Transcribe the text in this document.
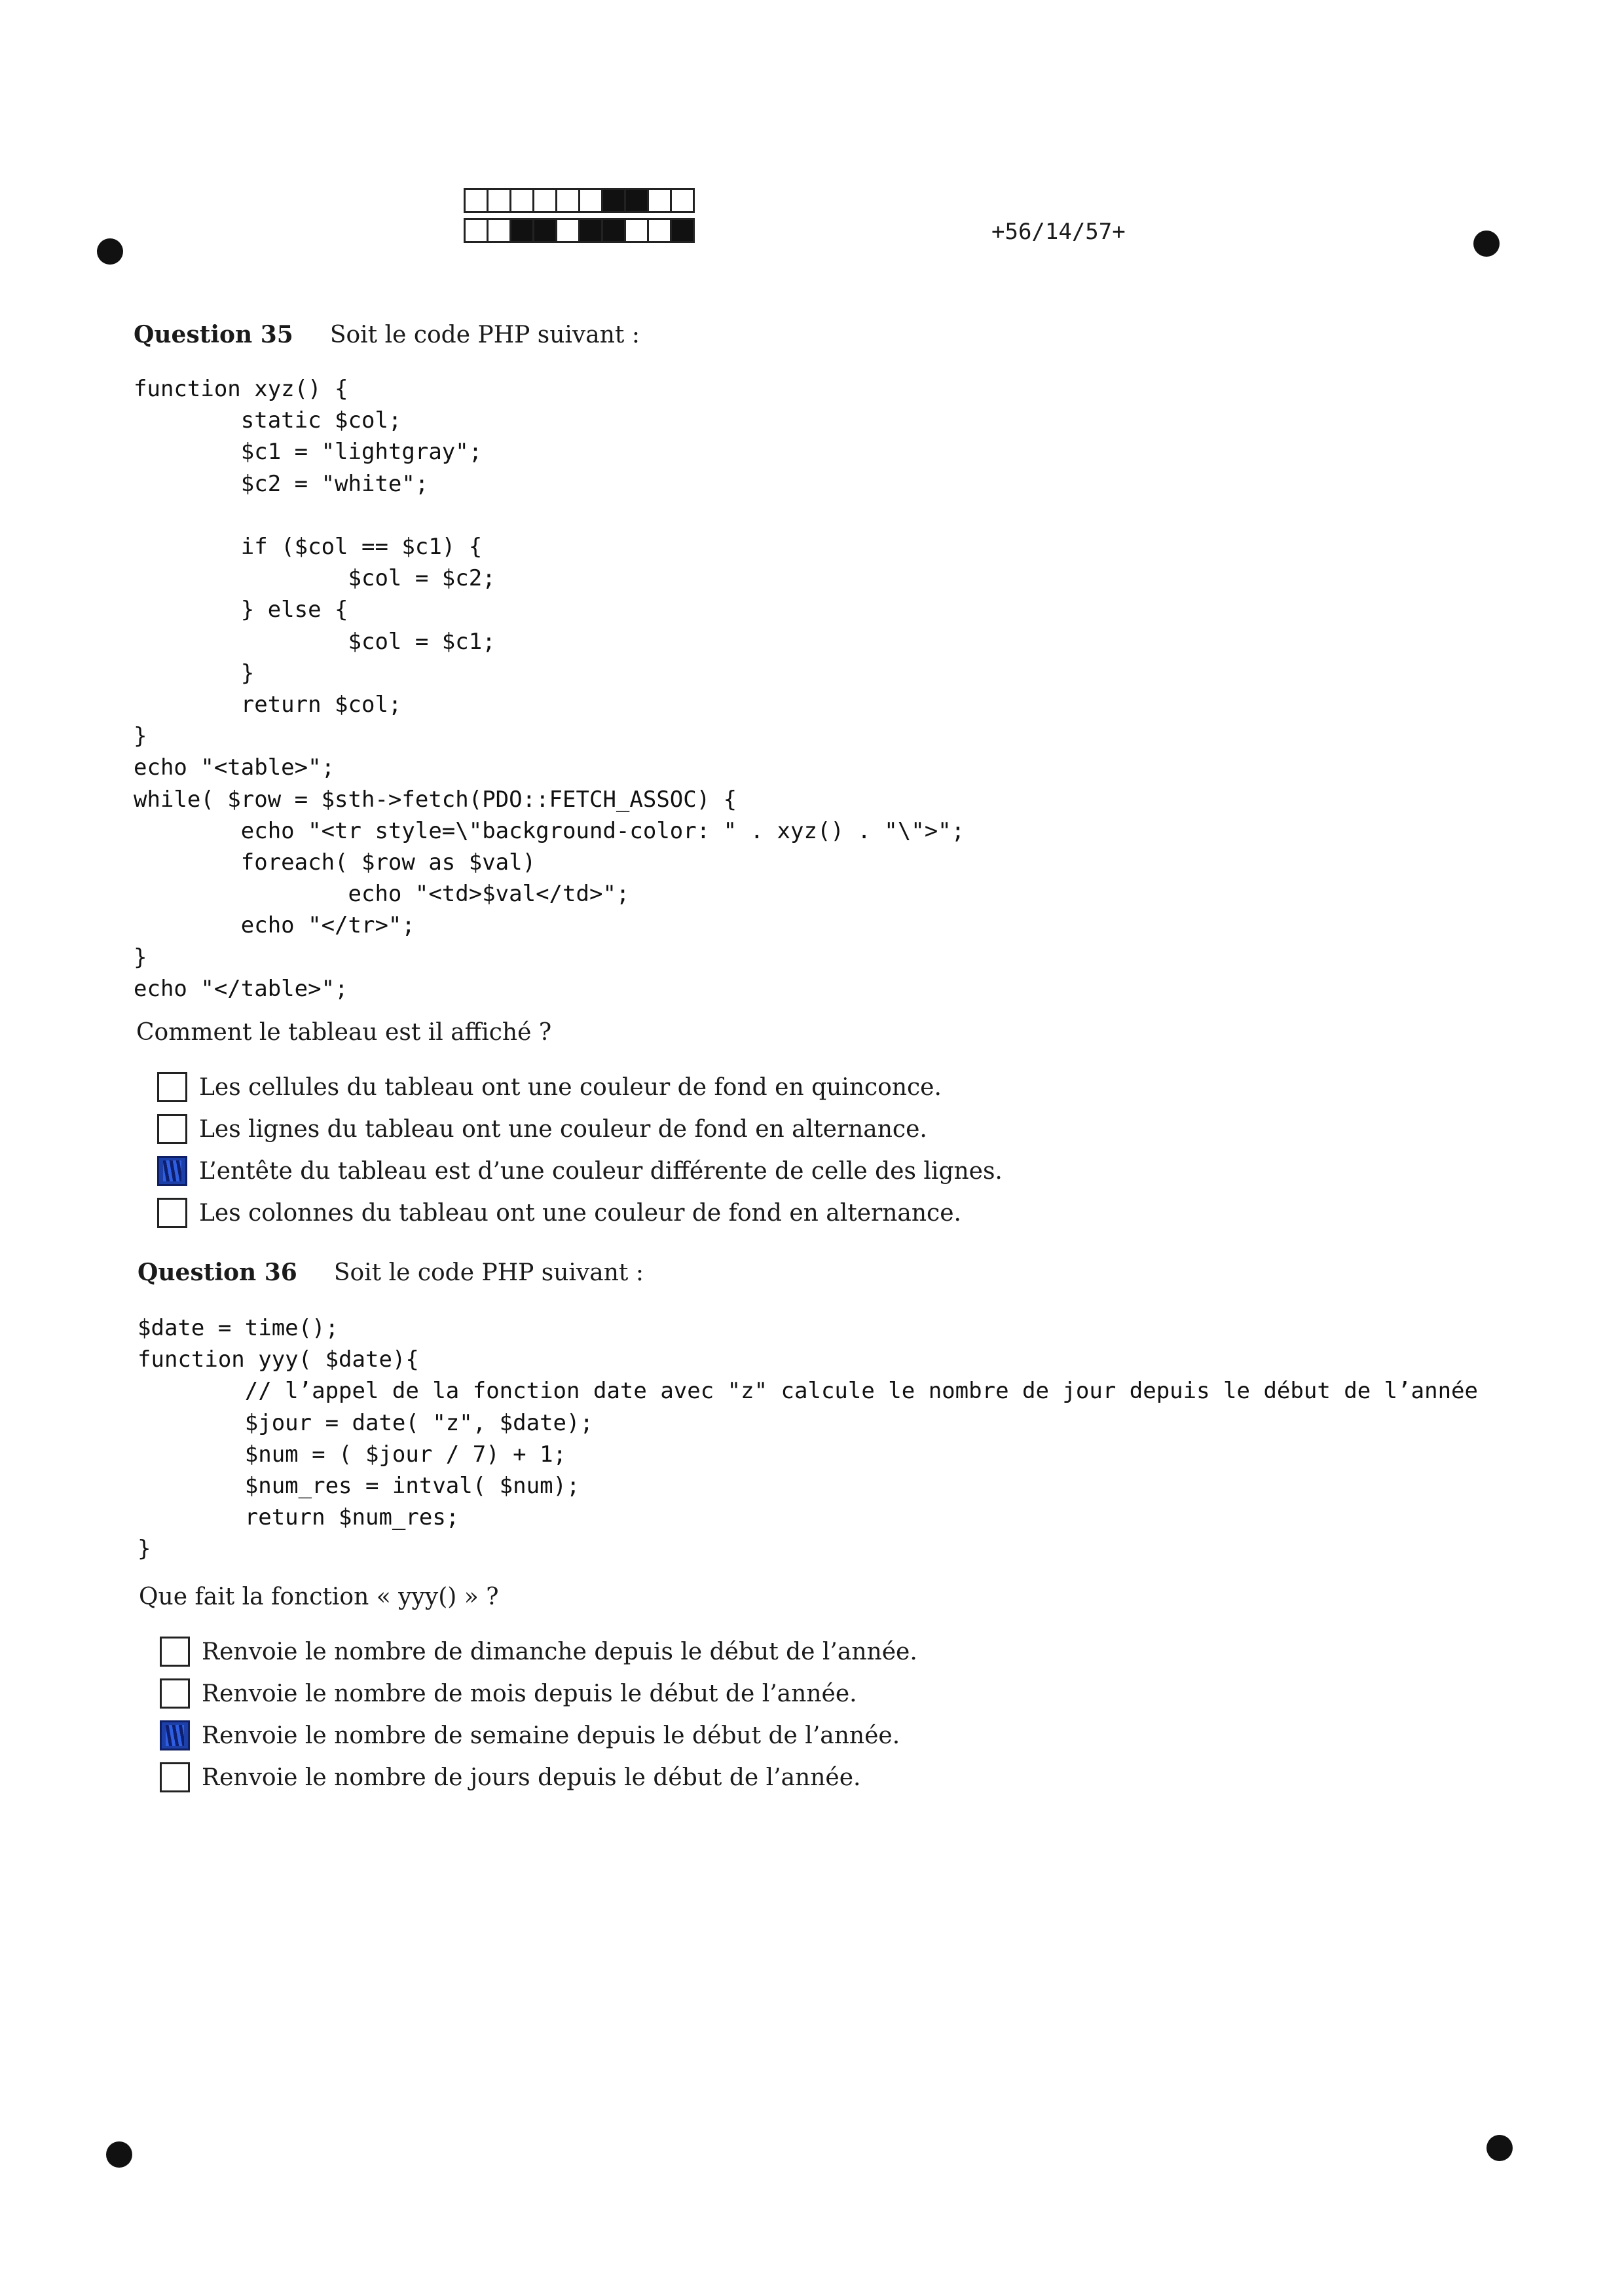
+56/14/57+
Question 35 Soit le code PHP suivant :
function xyz() {
static $col;
$c1 = "lightgray";
$c2 = "white";

if ($col == $c1) {
$col = $c2;
} else {
$col = $c1;
}
return $col;
}
echo "<table>";
while( $row = $sth->fetch(PDO::FETCH_ASSOC) {
echo "<tr style=\"background-color: " . xyz() . "\">";
foreach( $row as $val)
echo "<td>$val</td>";
echo "</tr>";
}
echo "</table>";
Comment le tableau est il affiché ?
Les cellules du tableau ont une couleur de fond en quinconce.
Les lignes du tableau ont une couleur de fond en alternance.
L’entête du tableau est d’une couleur différente de celle des lignes.
Les colonnes du tableau ont une couleur de fond en alternance.
Question 36 Soit le code PHP suivant :
$date = time();
function yyy( $date){
// l’appel de la fonction date avec "z" calcule le nombre de jour depuis le début de l’année
$jour = date( "z", $date);
$num = ( $jour / 7) + 1;
$num_res = intval( $num);
return $num_res;
}
Que fait la fonction « yyy() » ?
Renvoie le nombre de dimanche depuis le début de l’année.
Renvoie le nombre de mois depuis le début de l’année.
Renvoie le nombre de semaine depuis le début de l’année.
Renvoie le nombre de jours depuis le début de l’année.
